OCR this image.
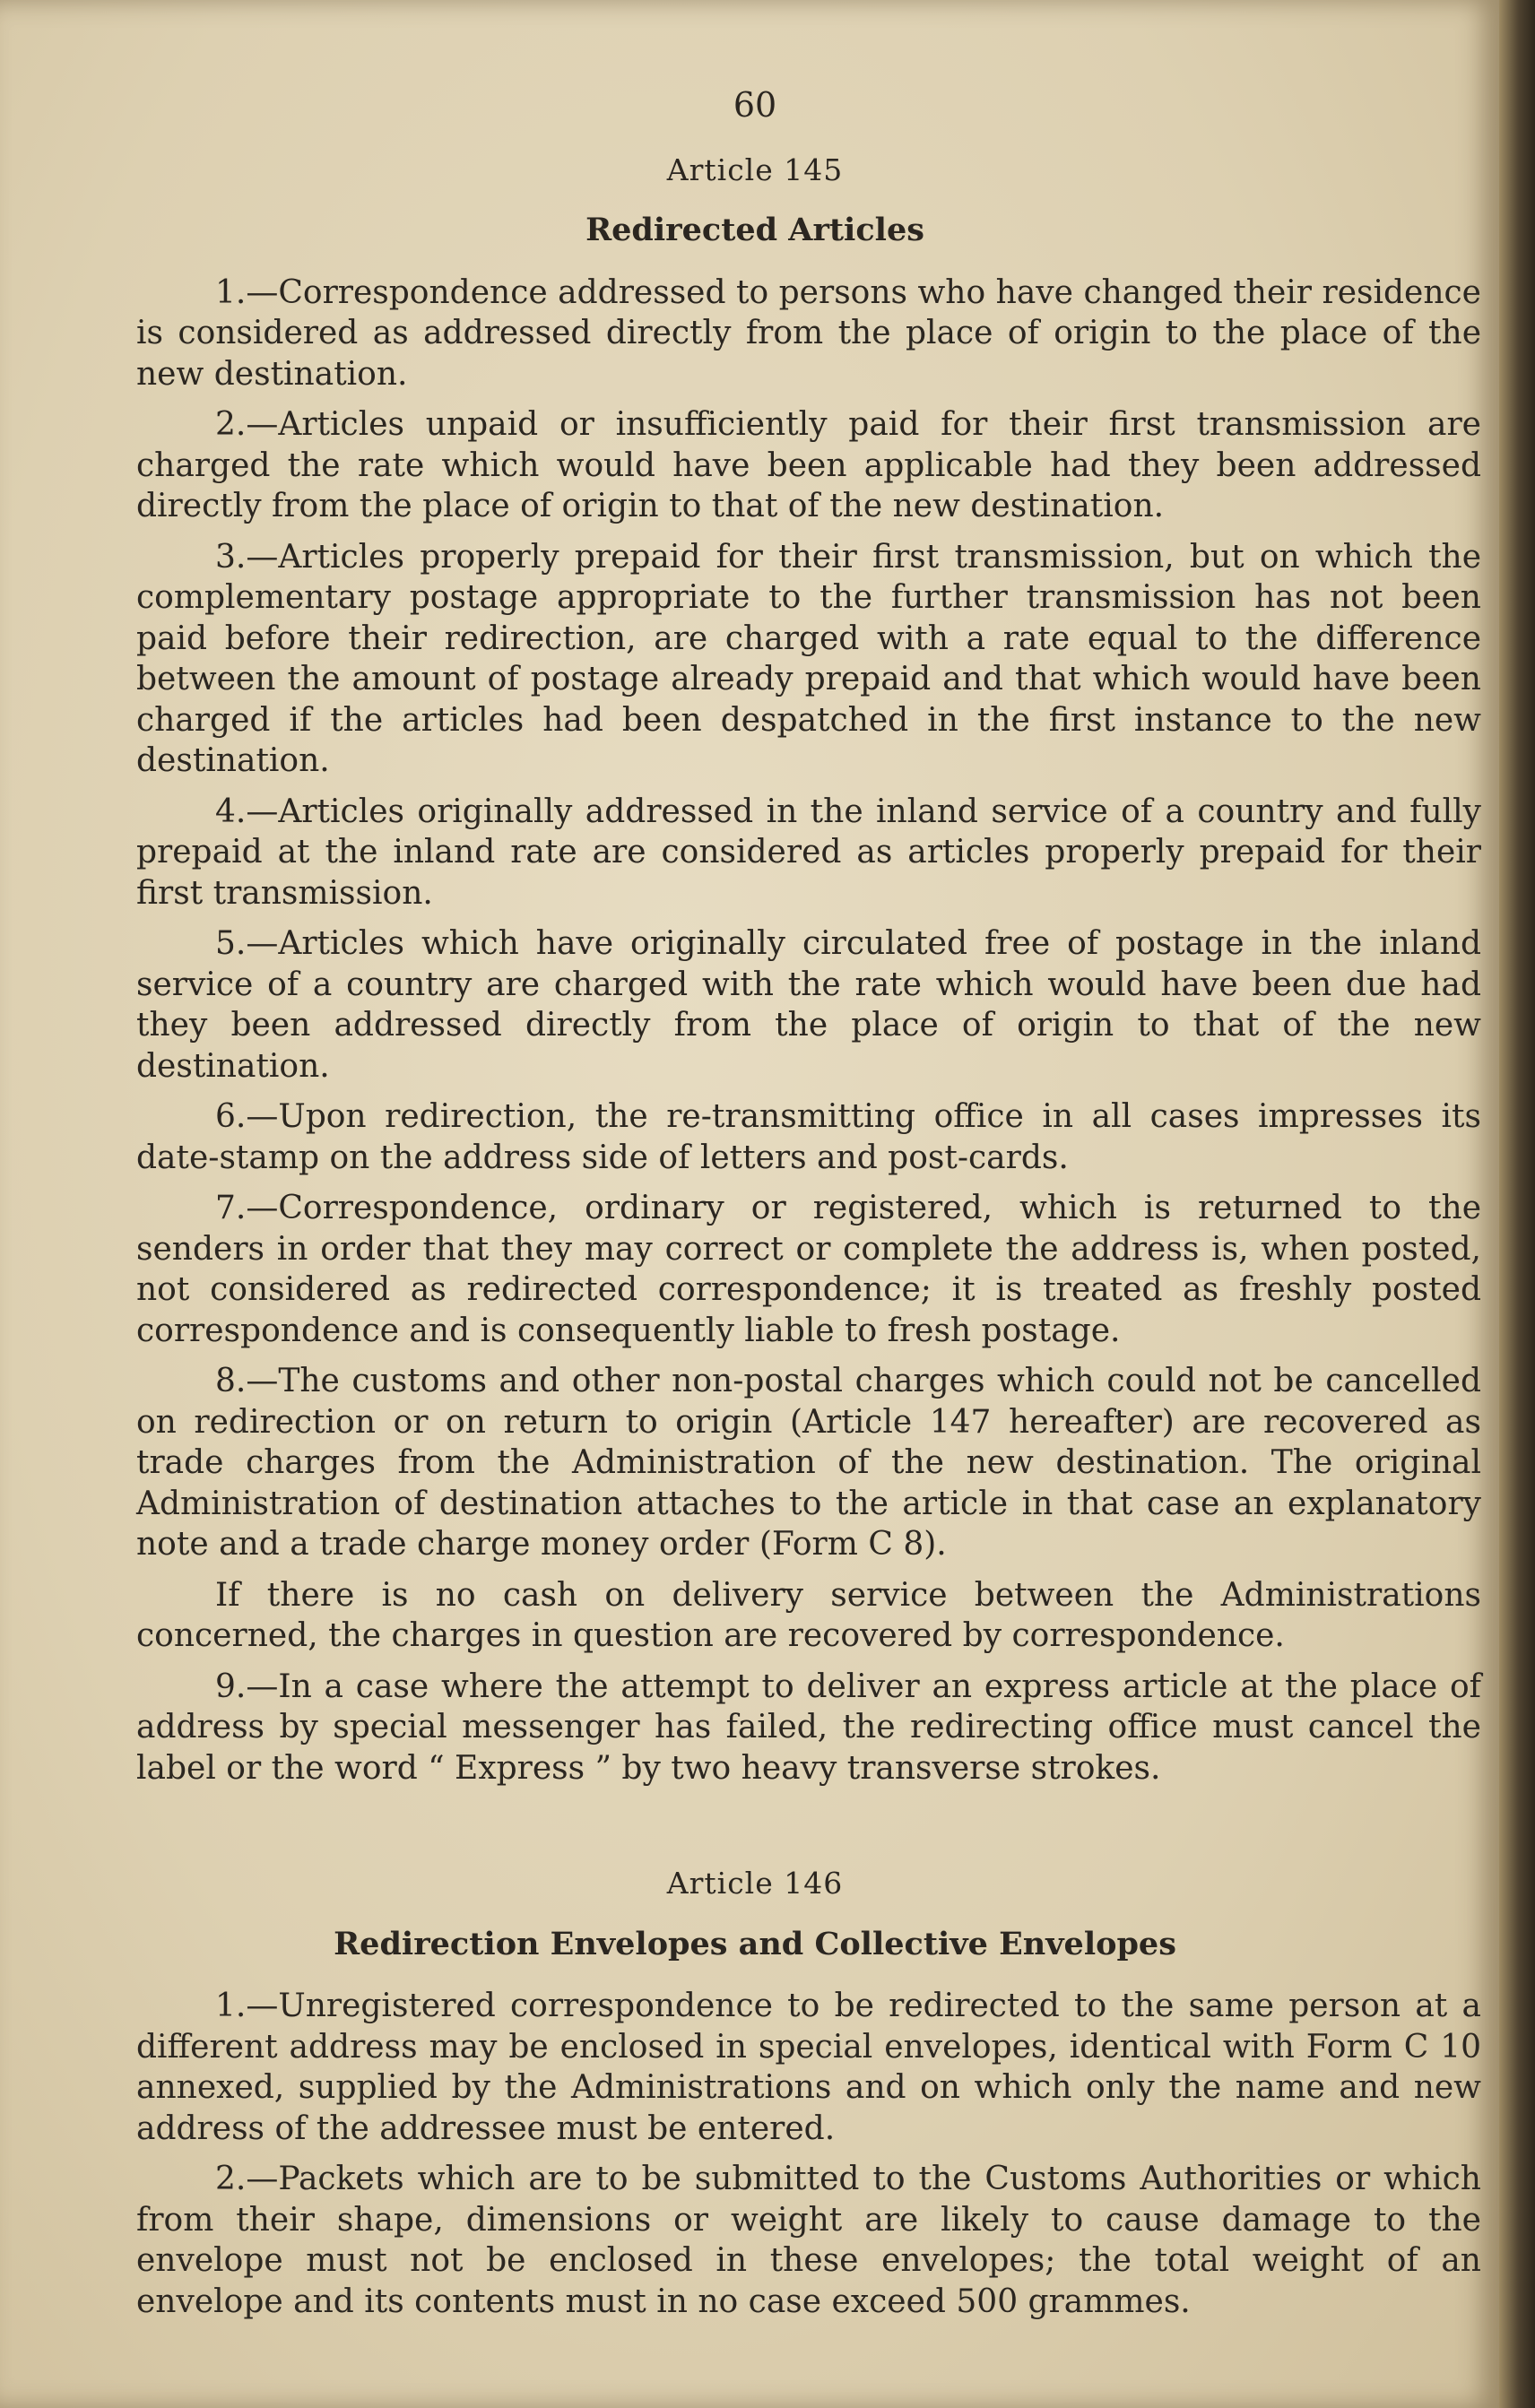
60
Article 145
Redirected Articles

1.—Correspondence addressed to persons who have changed their residence is considered as addressed directly from the place of origin to the place of the new destination.

2.—Articles unpaid or insufficiently paid for their first transmission are charged the rate which would have been applicable had they been addressed directly from the place of origin to that of the new destination.

3.—Articles properly prepaid for their first transmission, but on which the complementary postage appropriate to the further transmission has not been paid before their redirection, are charged with a rate equal to the difference between the amount of postage already prepaid and that which would have been charged if the articles had been despatched in the first instance to the new destination.

4.—Articles originally addressed in the inland service of a country and fully prepaid at the inland rate are considered as articles properly prepaid for their first transmission.

5.—Articles which have originally circulated free of postage in the inland service of a country are charged with the rate which would have been due had they been addressed directly from the place of origin to that of the new destination.

6.—Upon redirection, the re-transmitting office in all cases impresses its date-stamp on the address side of letters and post-cards.

7.—Correspondence, ordinary or registered, which is returned to the senders in order that they may correct or complete the address is, when posted, not considered as redirected correspondence; it is treated as freshly posted correspondence and is consequently liable to fresh postage.

8.—The customs and other non-postal charges which could not be cancelled on redirection or on return to origin (Article 147 hereafter) are recovered as trade charges from the Administration of the new destination. The original Administration of destination attaches to the article in that case an explanatory note and a trade charge money order (Form C 8).

If there is no cash on delivery service between the Administrations concerned, the charges in question are recovered by correspondence.

9.—In a case where the attempt to deliver an express article at the place of address by special messenger has failed, the redirecting office must cancel the label or the word “ Express ” by two heavy transverse strokes.

Article 146
Redirection Envelopes and Collective Envelopes

1.—Unregistered correspondence to be redirected to the same person at a different address may be enclosed in special envelopes, identical with Form C 10 annexed, supplied by the Administrations and on which only the name and new address of the addressee must be entered.

2.—Packets which are to be submitted to the Customs Authorities or which from their shape, dimensions or weight are likely to cause damage to the envelope must not be enclosed in these envelopes; the total weight of an envelope and its contents must in no case exceed 500 grammes.
